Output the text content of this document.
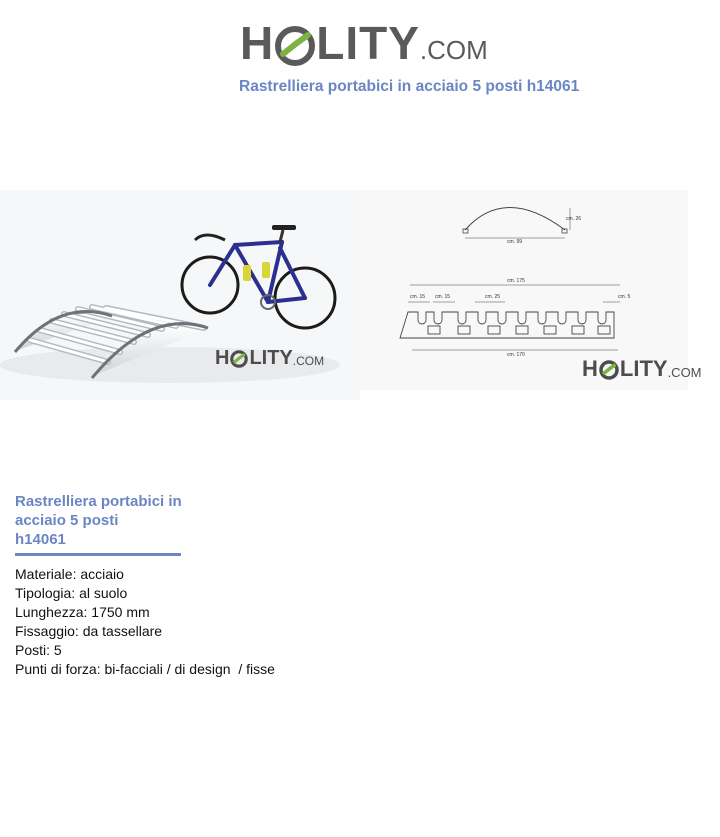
H LITY .COM
Rastrelliera portabici in acciaio 5 posti h14061
H LITY .COM
cm. 99
cm. 26
cm. 175
cm. 15 cm. 15	cm. 25	cm. 5
cm. 170
H LITY .COM
Rastrelliera portabici in
acciaio 5 posti
h14061
Materiale: acciaio
Tipologia: al suolo
Lunghezza: 1750 mm
Fissaggio: da tassellare
Posti: 5
Punti di forza: bi-facciali / di design  / fisse
